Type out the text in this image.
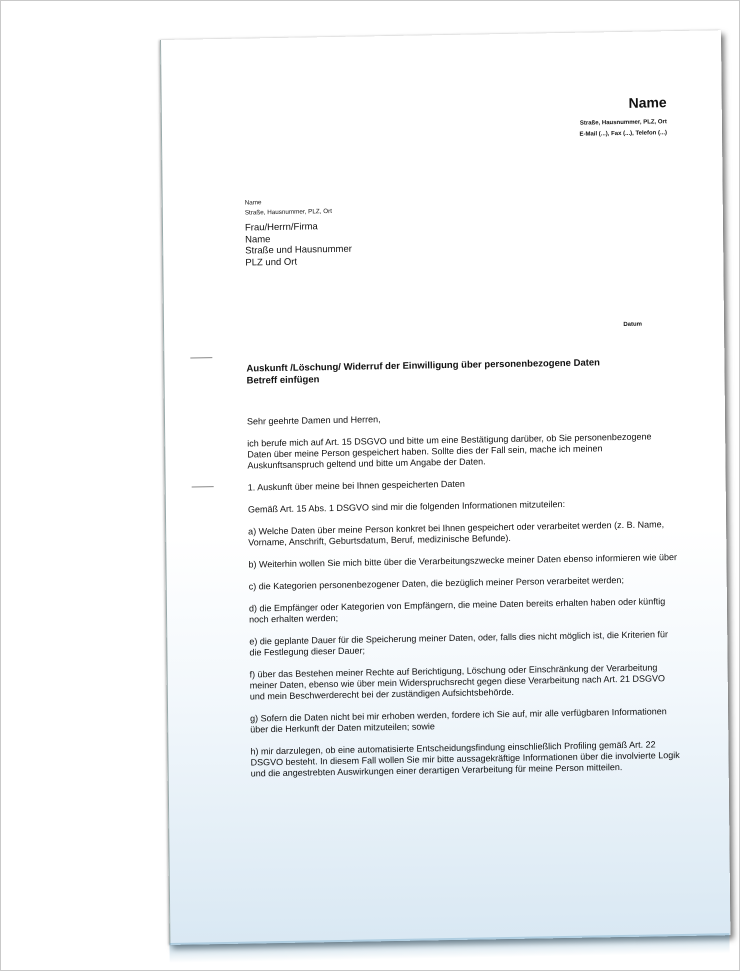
Name
Straße, Hausnummer, PLZ, Ort
E-Mail (...), Fax (...), Telefon (...)
Name
Straße, Hausnummer, PLZ, Ort
Frau/Herrn/Firma
Name
Straße und Hausnummer
PLZ und Ort
Datum
Auskunft /Löschung/ Widerruf der Einwilligung über personenbezogene Daten
Betreff einfügen

Sehr geehrte Damen und Herren,

ich berufe mich auf Art. 15 DSGVO und bitte um eine Bestätigung darüber, ob Sie personenbezogene Daten über meine Person gespeichert haben. Sollte dies der Fall sein, mache ich meinen Auskunftsanspruch geltend und bitte um Angabe der Daten.

1. Auskunft über meine bei Ihnen gespeicherten Daten

Gemäß Art. 15 Abs. 1 DSGVO sind mir die folgenden Informationen mitzuteilen:

a) Welche Daten über meine Person konkret bei Ihnen gespeichert oder verarbeitet werden (z. B. Name, Vorname, Anschrift, Geburtsdatum, Beruf, medizinische Befunde).

b) Weiterhin wollen Sie mich bitte über die Verarbeitungszwecke meiner Daten ebenso informieren wie über

c) die Kategorien personenbezogener Daten, die bezüglich meiner Person verarbeitet werden;

d) die Empfänger oder Kategorien von Empfängern, die meine Daten bereits erhalten haben oder künftig noch erhalten werden;

e) die geplante Dauer für die Speicherung meiner Daten, oder, falls dies nicht möglich ist, die Kriterien für die Festlegung dieser Dauer;

f) über das Bestehen meiner Rechte auf Berichtigung, Löschung oder Einschränkung der Verarbeitung meiner Daten, ebenso wie über mein Widerspruchsrecht gegen diese Verarbeitung nach Art. 21 DSGVO und mein Beschwerderecht bei der zuständigen Aufsichtsbehörde.

g) Sofern die Daten nicht bei mir erhoben werden, fordere ich Sie auf, mir alle verfügbaren Informationen über die Herkunft der Daten mitzuteilen; sowie

h) mir darzulegen, ob eine automatisierte Entscheidungsfindung einschließlich Profiling gemäß Art. 22 DSGVO besteht. In diesem Fall wollen Sie mir bitte aussagekräftige Informationen über die involvierte Logik und die angestrebten Auswirkungen einer derartigen Verarbeitung für meine Person mitteilen.
